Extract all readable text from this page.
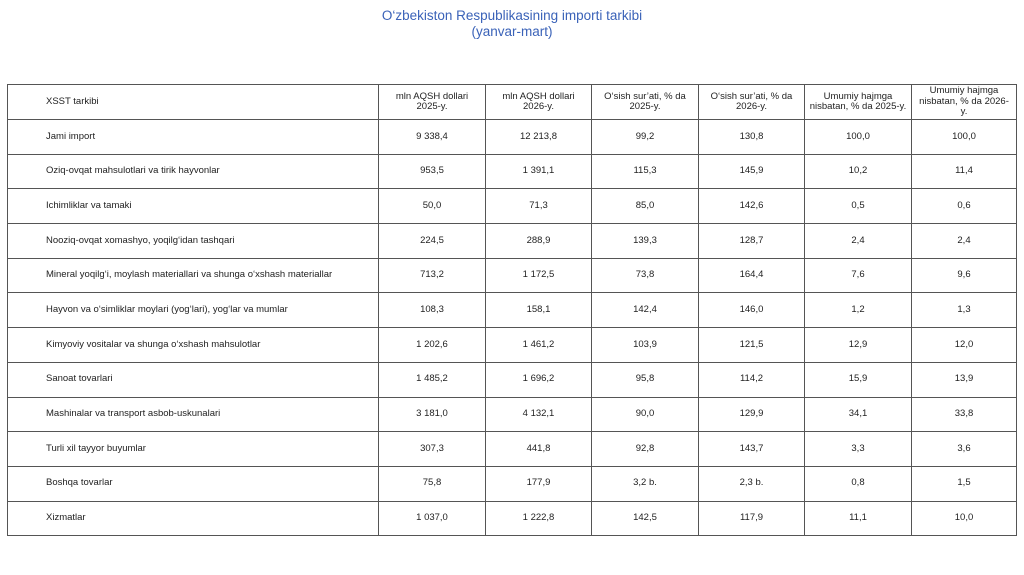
O‘zbekiston Respublikasining importi tarkibi
(yanvar-mart)
XSST tarkibi	mln AQSH dollari 2025-y.	mln AQSH dollari 2026-y.	O‘sish sur’ati, % da 2025-y.	O‘sish sur’ati, % da 2026-y.	Umumiy hajmga nisbatan, % da 2025-y.	Umumiy hajmga nisbatan, % da 2026-y.
Jami import	9 338,4	12 213,8	99,2	130,8	100,0	100,0
Oziq-ovqat mahsulotlari va tirik hayvonlar	953,5	1 391,1	115,3	145,9	10,2	11,4
Ichimliklar va tamaki	50,0	71,3	85,0	142,6	0,5	0,6
Nooziq-ovqat xomashyo, yoqilg‘idan tashqari	224,5	288,9	139,3	128,7	2,4	2,4
Mineral yoqilg‘i, moylash materiallari va shunga o‘xshash materiallar	713,2	1 172,5	73,8	164,4	7,6	9,6
Hayvon va o‘simliklar moylari (yog‘lari), yog‘lar va mumlar	108,3	158,1	142,4	146,0	1,2	1,3
Kimyoviy vositalar va shunga o‘xshash mahsulotlar	1 202,6	1 461,2	103,9	121,5	12,9	12,0
Sanoat tovarlari	1 485,2	1 696,2	95,8	114,2	15,9	13,9
Mashinalar va transport asbob-uskunalari	3 181,0	4 132,1	90,0	129,9	34,1	33,8
Turli xil tayyor buyumlar	307,3	441,8	92,8	143,7	3,3	3,6
Boshqa tovarlar	75,8	177,9	3,2 b.	2,3 b.	0,8	1,5
Xizmatlar	1 037,0	1 222,8	142,5	117,9	11,1	10,0
